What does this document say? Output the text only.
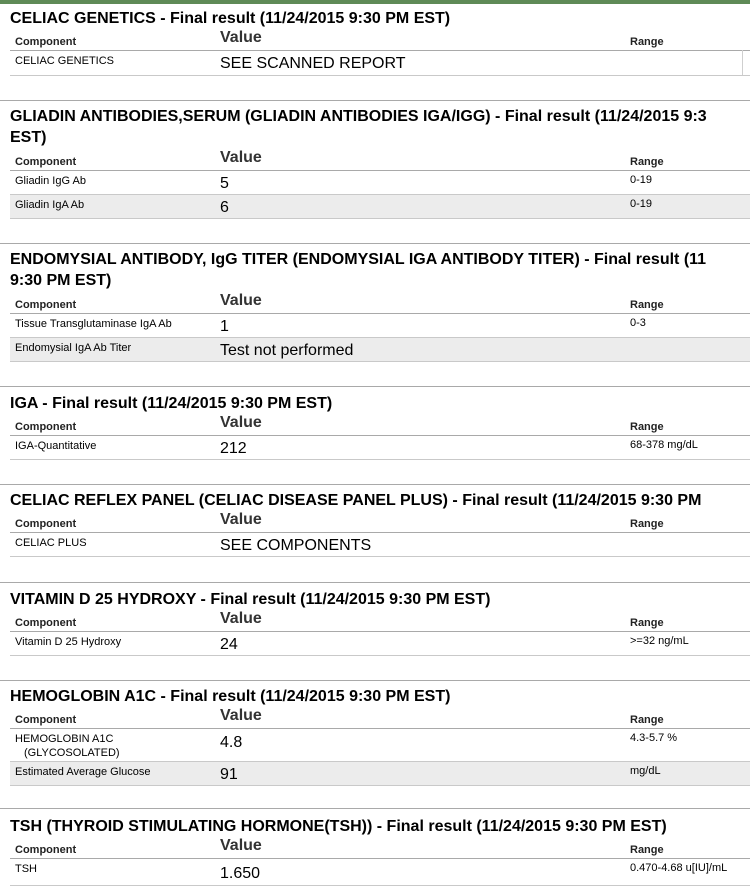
CELIAC GENETICS - Final result (11/24/2015 9:30 PM EST)
Component	Value	Range
CELIAC GENETICS	SEE SCANNED REPORT
GLIADIN ANTIBODIES,SERUM (GLIADIN ANTIBODIES IGA/IGG) - Final result (11/24/2015 9:3
EST)
Component	Value	Range
Gliadin IgG Ab	5	0-19
Gliadin IgA Ab	6	0-19
ENDOMYSIAL ANTIBODY, IgG TITER (ENDOMYSIAL IGA ANTIBODY TITER) - Final result (11
9:30 PM EST)
Component	Value	Range
Tissue Transglutaminase IgA Ab	1	0-3
Endomysial IgA Ab Titer	Test not performed
IGA - Final result (11/24/2015 9:30 PM EST)
Component	Value	Range
IGA-Quantitative	212	68-378 mg/dL
CELIAC REFLEX PANEL (CELIAC DISEASE PANEL PLUS) - Final result (11/24/2015 9:30 PM
Component	Value	Range
CELIAC PLUS	SEE COMPONENTS
VITAMIN D 25 HYDROXY - Final result (11/24/2015 9:30 PM EST)
Component	Value	Range
Vitamin D 25 Hydroxy	24	>=32 ng/mL
HEMOGLOBIN A1C - Final result (11/24/2015 9:30 PM EST)
Component	Value	Range
HEMOGLOBIN A1C
(GLYCOSOLATED)
4.8	4.3-5.7 %
Estimated Average Glucose	91	mg/dL
TSH (THYROID STIMULATING HORMONE(TSH)) - Final result (11/24/2015 9:30 PM EST)
Component	Value	Range
TSH	1.650	0.470-4.68 u[IU]/mL
